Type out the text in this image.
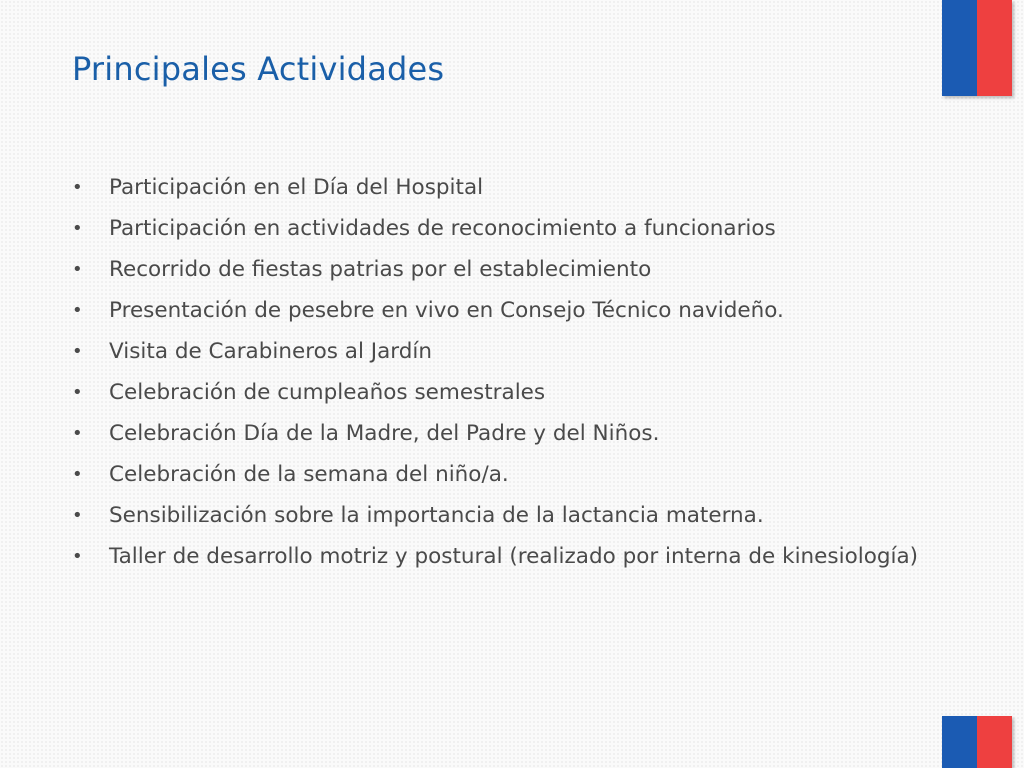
Principales Actividades
• Participación en el Día del Hospital
• Participación en actividades de reconocimiento a funcionarios
• Recorrido de fiestas patrias por el establecimiento
• Presentación de pesebre en vivo en Consejo Técnico navideño.
• Visita de Carabineros al Jardín
• Celebración de cumpleaños semestrales
• Celebración Día de la Madre, del Padre y del Niños.
• Celebración de la semana del niño/a.
• Sensibilización sobre la importancia de la lactancia materna.
• Taller de desarrollo motriz y postural (realizado por interna de kinesiología)
